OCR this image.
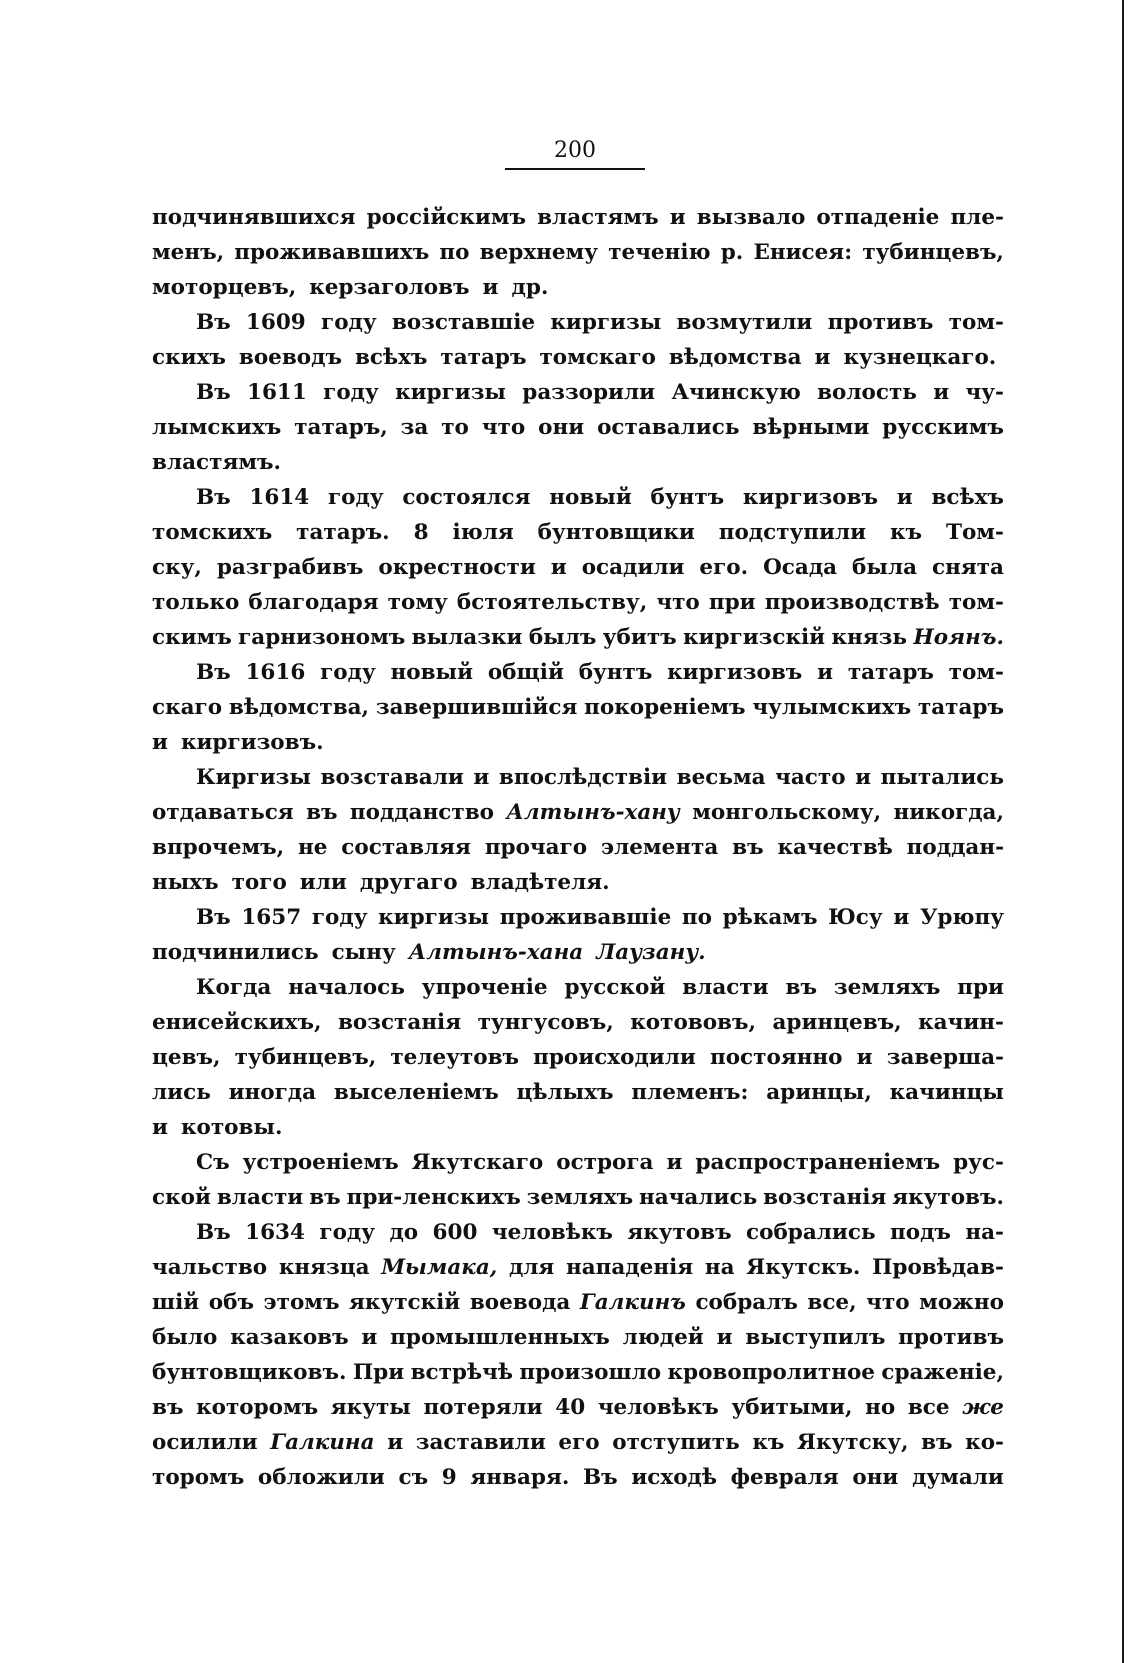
200
подчинявшихся россійскимъ властямъ и вызвало отпаденіе пле-
менъ, проживавшихъ по верхнему теченію р. Енисея: тубинцевъ,
моторцевъ, керзаголовъ и др.
Въ 1609 году возставшіе киргизы возмутили противъ том-
скихъ воеводъ всѣхъ татаръ томскаго вѣдомства и кузнецкаго.
Въ 1611 году киргизы раззорили Ачинскую волость и чу-
лымскихъ татаръ, за то что они оставались вѣрными русскимъ
властямъ.
Въ 1614 году состоялся новый бунтъ киргизовъ и всѣхъ
томскихъ татаръ. 8 іюля бунтовщики подступили къ Том-
ску, разграбивъ окрестности и осадили его. Осада была снята
только благодаря тому бстоятельству, что при производствѣ том-
скимъ гарнизономъ вылазки былъ убитъ киргизскій князь Ноянъ.
Въ 1616 году новый общій бунтъ киргизовъ и татаръ том-
скаго вѣдомства, завершившійся покореніемъ чулымскихъ татаръ
и киргизовъ.
Киргизы возставали и впослѣдствіи весьма часто и пытались
отдаваться въ подданство Алтынъ-хану монгольскому, никогда,
впрочемъ, не составляя прочаго элемента въ качествѣ поддан-
ныхъ того или другаго владѣтеля.
Въ 1657 году киргизы проживавшіе по рѣкамъ Юсу и Урюпу
подчинились сыну Алтынъ-хана Лаузану.
Когда началось упроченіе русской власти въ земляхъ при
енисейскихъ, возстанія тунгусовъ, котововъ, аринцевъ, качин-
цевъ, тубинцевъ, телеутовъ происходили постоянно и заверша-
лись иногда выселеніемъ цѣлыхъ племенъ: аринцы, качинцы
и котовы.
Съ устроеніемъ Якутскаго острога и распространеніемъ рус-
ской власти въ при-ленскихъ земляхъ начались возстанія якутовъ.
Въ 1634 году до 600 человѣкъ якутовъ собрались подъ на-
чальство князца Мымака, для нападенія на Якутскъ. Провѣдав-
шій объ этомъ якутскій воевода Галкинъ собралъ все, что можно
было казаковъ и промышленныхъ людей и выступилъ противъ
бунтовщиковъ. При встрѣчѣ произошло кровопролитное сраженіе,
въ которомъ якуты потеряли 40 человѣкъ убитыми, но все же
осилили Галкина и заставили его отступить къ Якутску, въ ко-
торомъ обложили съ 9 января. Въ исходѣ февраля они думали
